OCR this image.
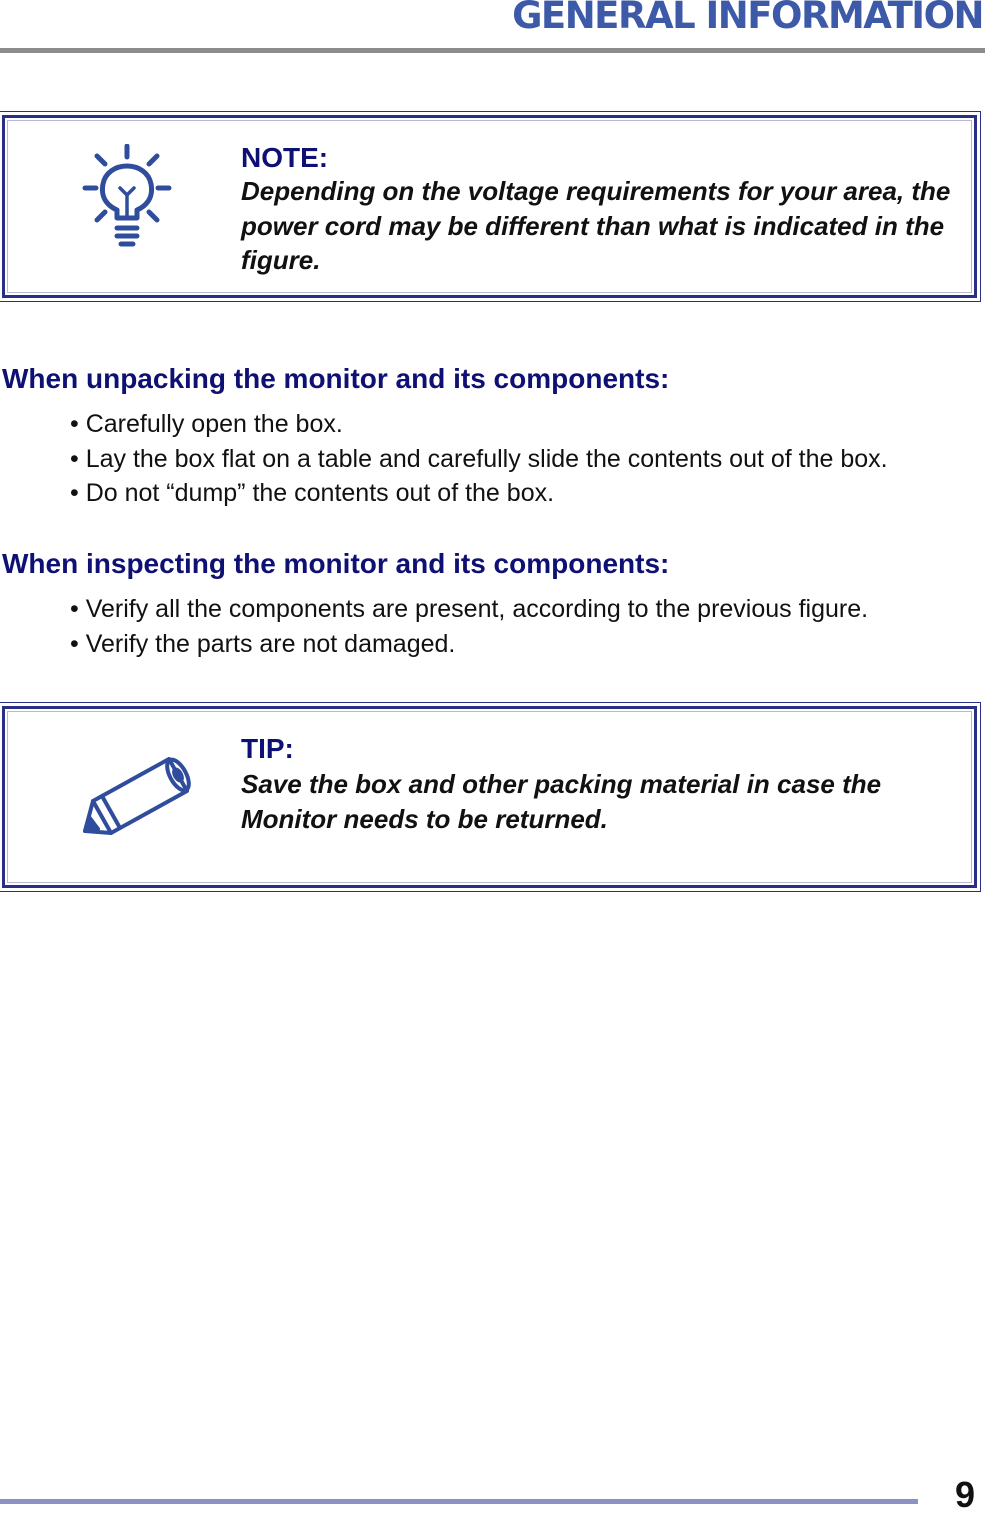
GENERAL INFORMATION
NOTE:
Depending on the voltage requirements for your area, the power cord may be different than what is indicated in the figure.
When unpacking the monitor and its components:
• Carefully open the box.
• Lay the box flat on a table and carefully slide the contents out of the box.
• Do not “dump” the contents out of the box.
When inspecting the monitor and its components:
• Verify all the components are present, according to the previous figure.
• Verify the parts are not damaged.
TIP:
Save the box and other packing material in case the Monitor needs to be returned.
9
